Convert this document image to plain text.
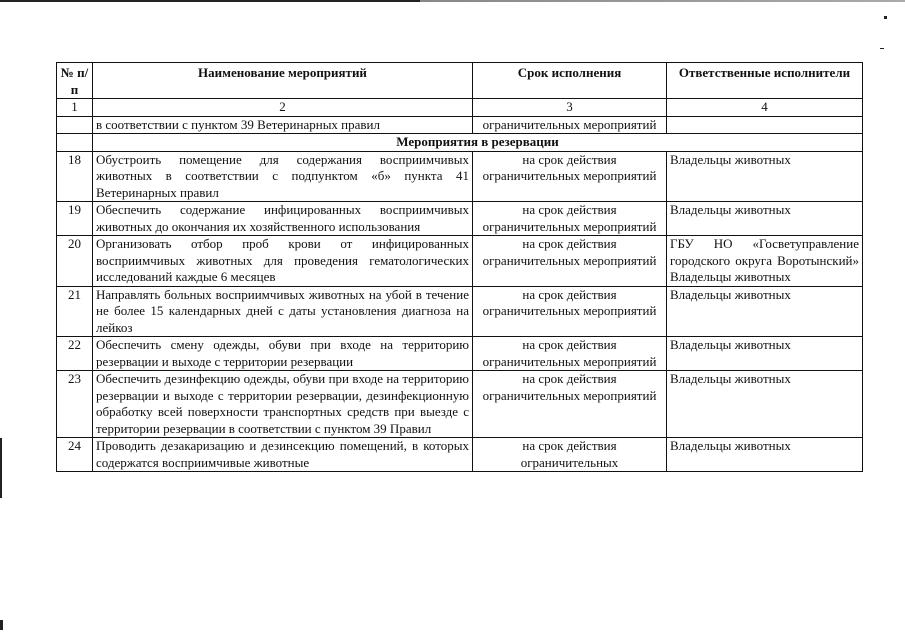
№ п/п	Наименование мероприятий	Срок исполнения	Ответственные исполнители
1	2	3	4
	в соответствии с пунктом 39 Ветеринарных правил	ограничительных мероприятий	
	Мероприятия в резервации		
18	Обустроить помещение для содержания восприимчивых животных в соответствии с подпунктом «б» пункта 41 Ветеринарных правил	на срок действия ограничительных мероприятий	Владельцы животных
19	Обеспечить содержание инфицированных восприимчивых животных до окончания их хозяйственного использования	на срок действия ограничительных мероприятий	Владельцы животных
20	Организовать отбор проб крови от инфицированных восприимчивых животных для проведения гематологических исследований каждые 6 месяцев	на срок действия ограничительных мероприятий	ГБУ НО «Госветуправление городского округа Воротынский» Владельцы животных
21	Направлять больных восприимчивых животных на убой в течение не более 15 календарных дней с даты установления диагноза на лейкоз	на срок действия ограничительных мероприятий	Владельцы животных
22	Обеспечить смену одежды, обуви при входе на территорию резервации и выходе с территории резервации	на срок действия ограничительных мероприятий	Владельцы животных
23	Обеспечить дезинфекцию одежды, обуви при входе на территорию резервации и выходе с территории резервации, дезинфекционную обработку всей поверхности транспортных средств при выезде с территории резервации в соответствии с пунктом 39 Правил	на срок действия ограничительных мероприятий	Владельцы животных
24	Проводить дезакаризацию и дезинсекцию помещений, в которых содержатся восприимчивые животные	на срок действия ограничительных	Владельцы животных
